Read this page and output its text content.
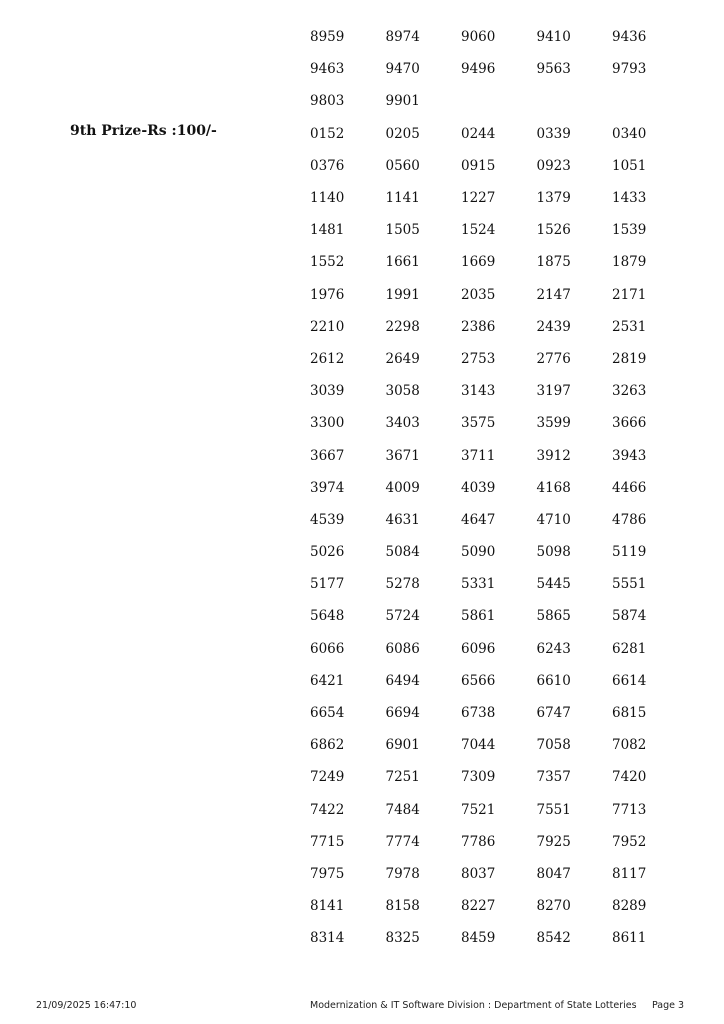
9th Prize-Rs :100/-
8959	8974	9060	9410	9436
9463	9470	9496	9563	9793
9803	9901
0152	0205	0244	0339	0340
0376	0560	0915	0923	1051
1140	1141	1227	1379	1433
1481	1505	1524	1526	1539
1552	1661	1669	1875	1879
1976	1991	2035	2147	2171
2210	2298	2386	2439	2531
2612	2649	2753	2776	2819
3039	3058	3143	3197	3263
3300	3403	3575	3599	3666
3667	3671	3711	3912	3943
3974	4009	4039	4168	4466
4539	4631	4647	4710	4786
5026	5084	5090	5098	5119
5177	5278	5331	5445	5551
5648	5724	5861	5865	5874
6066	6086	6096	6243	6281
6421	6494	6566	6610	6614
6654	6694	6738	6747	6815
6862	6901	7044	7058	7082
7249	7251	7309	7357	7420
7422	7484	7521	7551	7713
7715	7774	7786	7925	7952
7975	7978	8037	8047	8117
8141	8158	8227	8270	8289
8314	8325	8459	8542	8611
21/09/2025 16:47:10	Modernization & IT Software Division : Department of State Lotteries Page 3
